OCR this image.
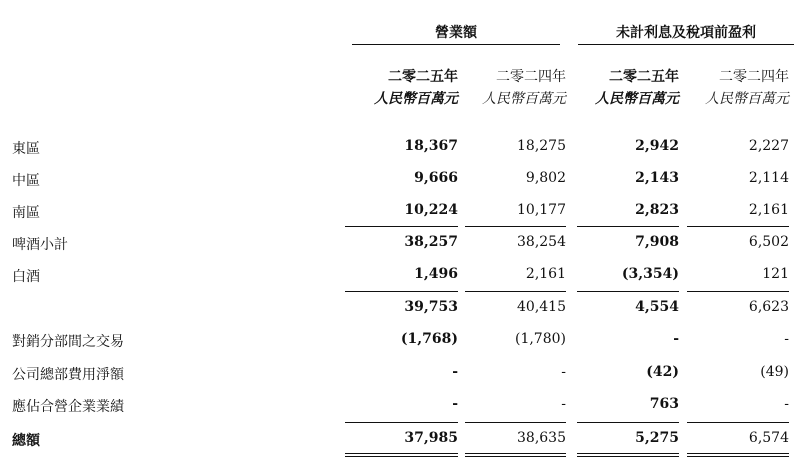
營業額	未計利息及稅項前盈利
二零二五年
人民幣百萬元
二零二四年
人民幣百萬元
二零二五年
人民幣百萬元
二零二四年
人民幣百萬元
東區	18,367	18,275	2,942	2,227
中區	9,666	9,802	2,143	2,114
南區	10,224	10,177	2,823	2,161
啤酒小計	38,257	38,254	7,908	6,502
白酒	1,496	2,161	(3,354)	121
39,753	40,415	4,554	6,623
對銷分部間之交易	(1,768)	(1,780)	-	-
公司總部費用淨額	-	-	(42)	(49)
應佔合營企業業績	-	-	763	-
總額	37,985	38,635	5,275	6,574
